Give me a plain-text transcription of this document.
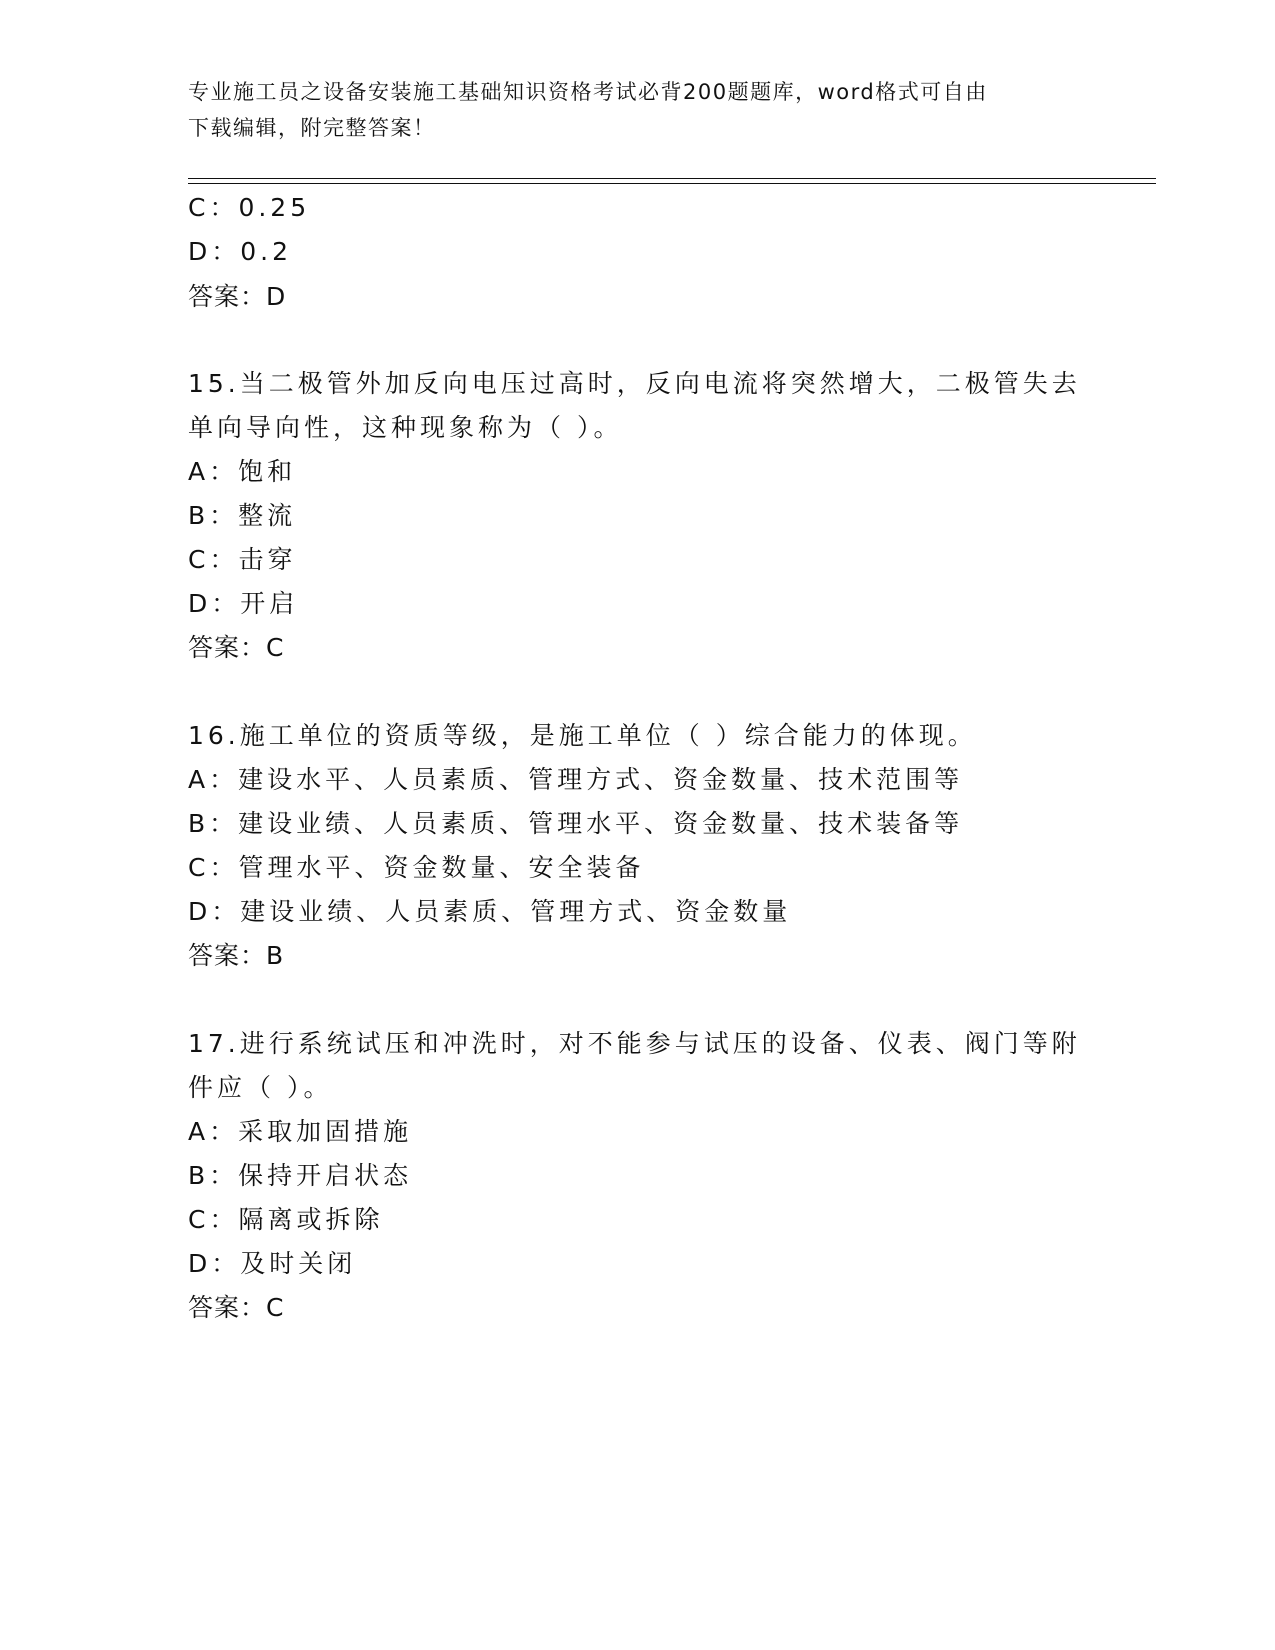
专业施工员之设备安装施工基础知识资格考试必背200题题库，word格式可自由
下载编辑，附完整答案！
C：0.25
D：0.2
答案：D
15.当二极管外加反向电压过高时，反向电流将突然增大，二极管失去
单向导向性，这种现象称为（ ）。
A：饱和
B：整流
C：击穿
D：开启
答案：C
16.施工单位的资质等级，是施工单位（ ）综合能力的体现。
A：建设水平、人员素质、管理方式、资金数量、技术范围等
B：建设业绩、人员素质、管理水平、资金数量、技术装备等
C：管理水平、资金数量、安全装备
D：建设业绩、人员素质、管理方式、资金数量
答案：B
17.进行系统试压和冲洗时，对不能参与试压的设备、仪表、阀门等附
件应（ ）。
A：采取加固措施
B：保持开启状态
C：隔离或拆除
D：及时关闭
答案：C
